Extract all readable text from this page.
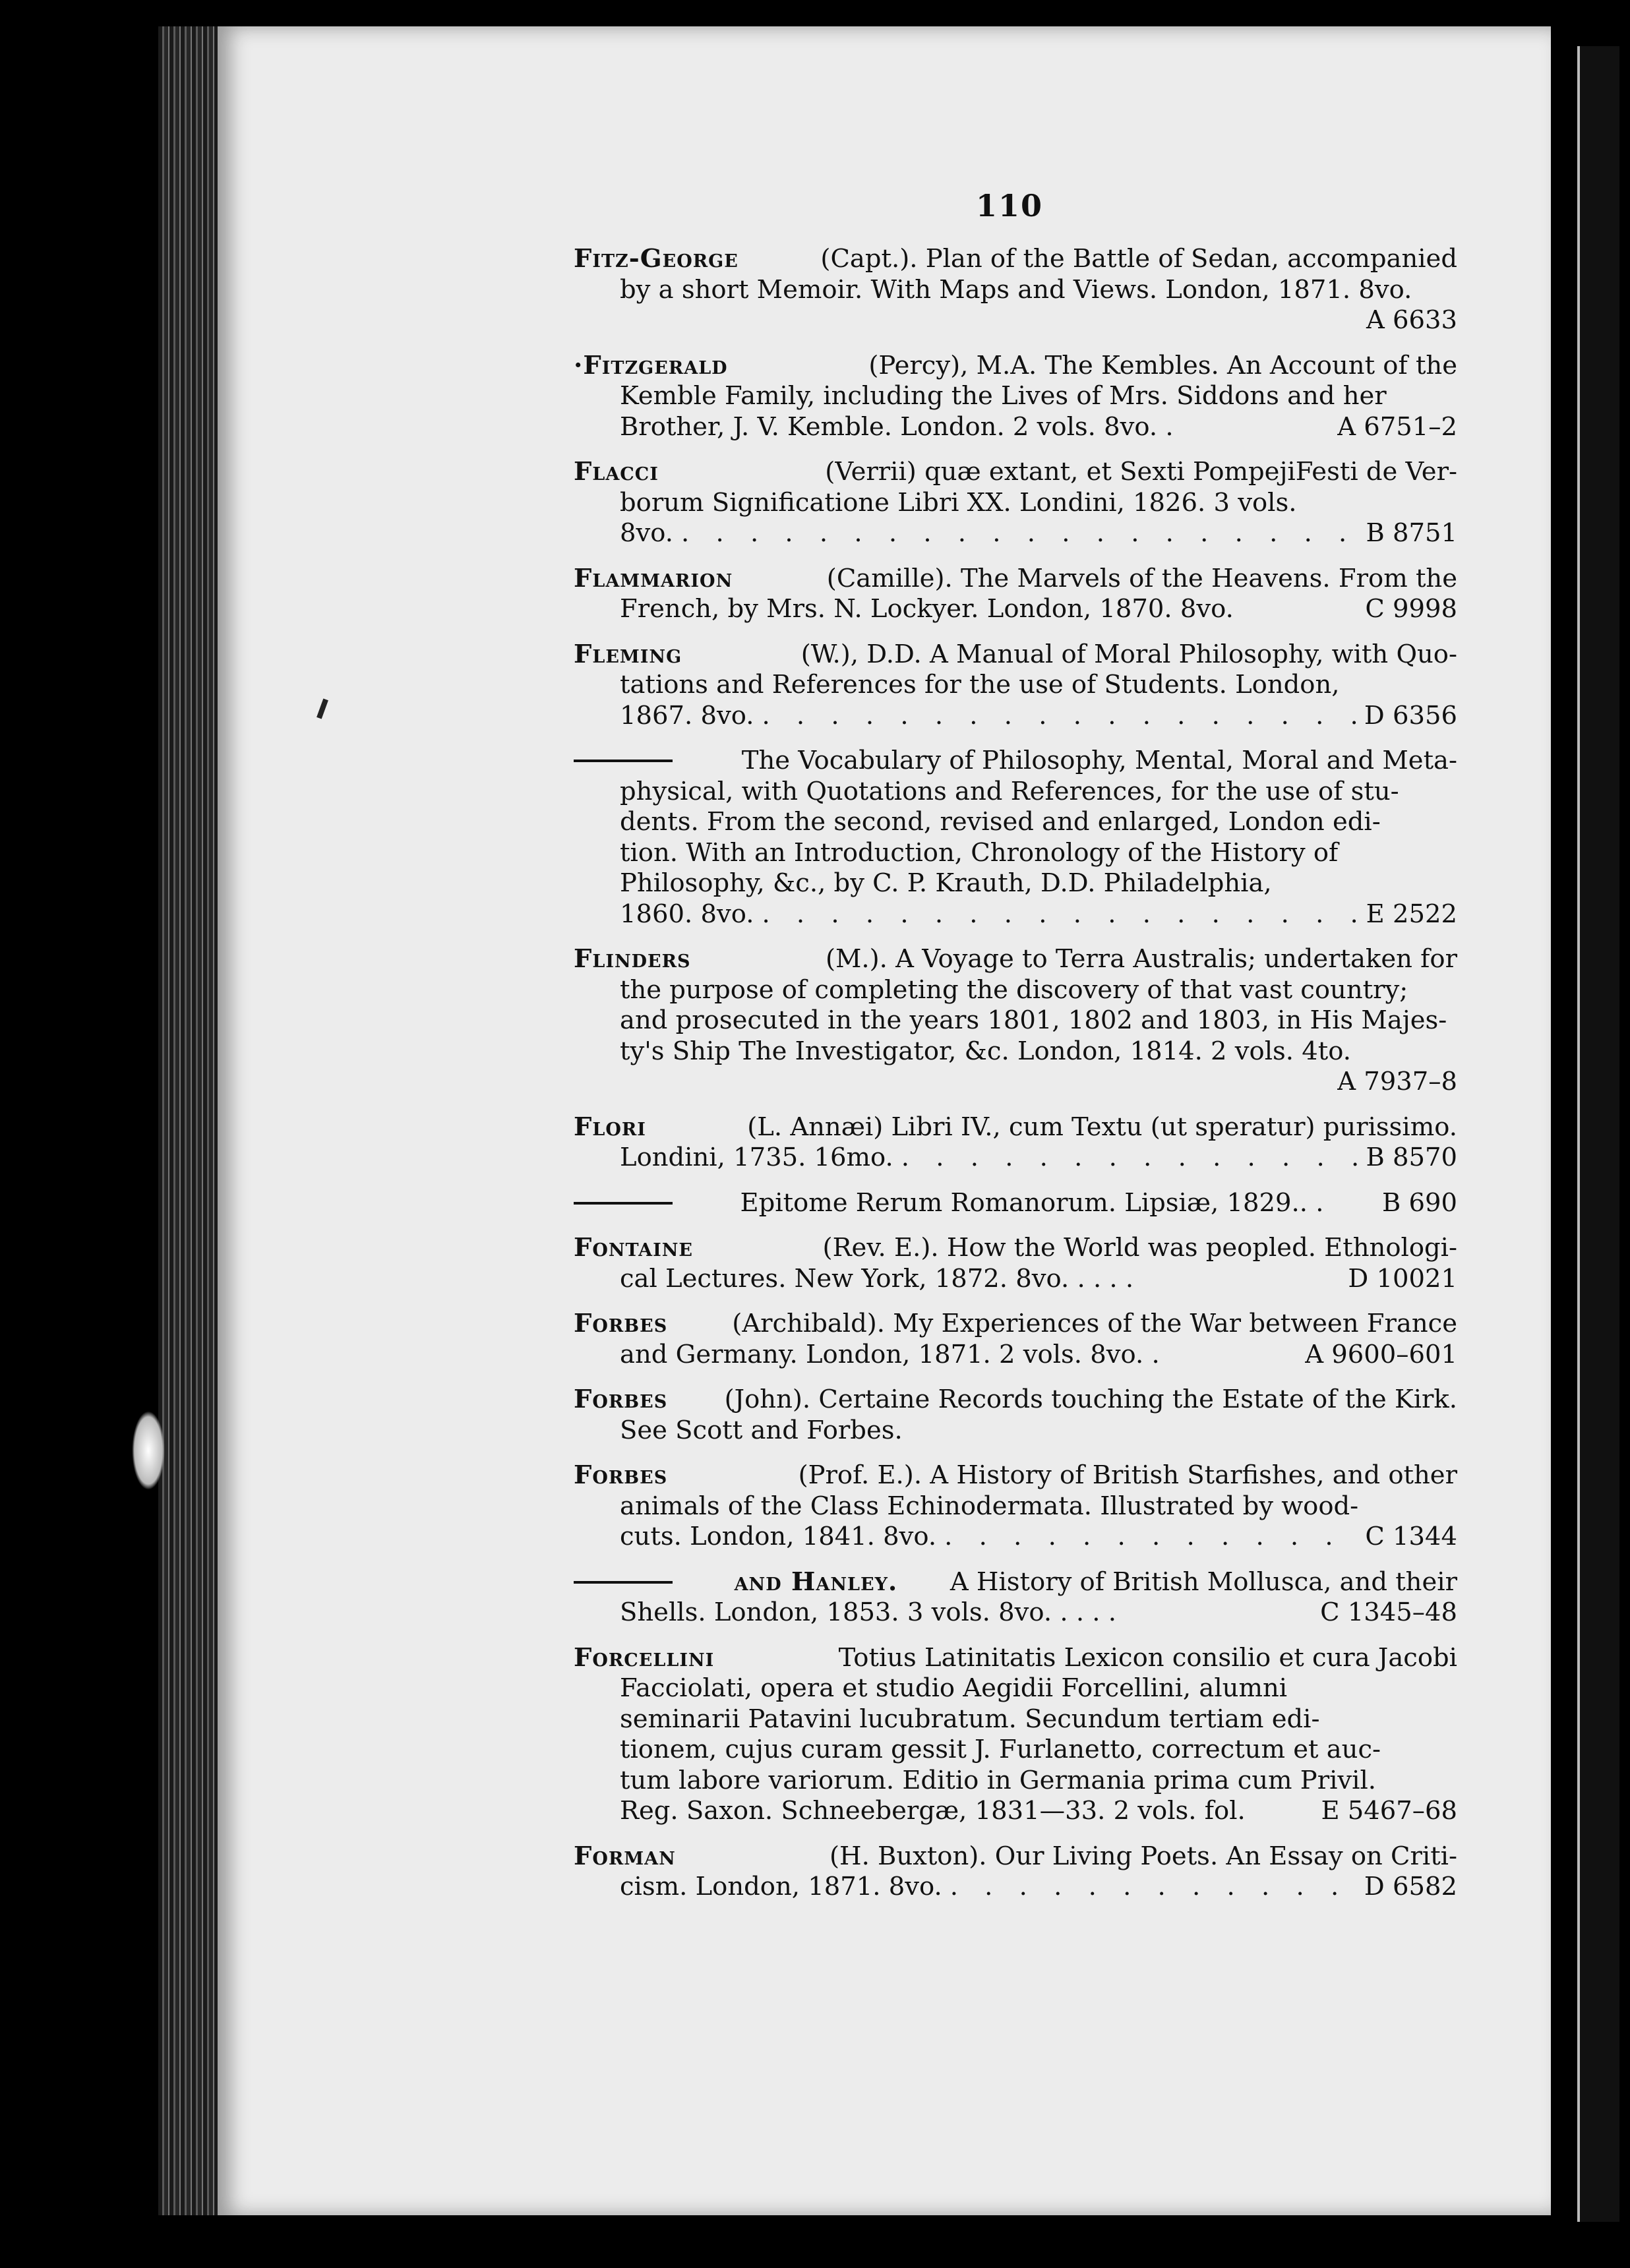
110
Fitz-George	(Capt.). Plan of the Battle of Sedan, accompanied
by a short Memoir. With Maps and Views. London, 1871. 8vo.
A 6633
·Fitzgerald	(Percy), M.A. The Kembles. An Account of the
Kemble Family, including the Lives of Mrs. Siddons and her
Brother, J. V. Kemble. London. 2 vols. 8vo. .	A 6751–2
Flacci	(Verrii) quæ extant, et Sexti PompejiFesti de Ver-
borum Significatione Libri XX. Londini, 1826. 3 vols.
8vo. . . .	B 8751
Flammarion	(Camille). The Marvels of the Heavens. From the
French, by Mrs. N. Lockyer. London, 1870. 8vo.	C 9998
Fleming	(W.), D.D. A Manual of Moral Philosophy, with Quo-
tations and References for the use of Students. London,
1867. 8vo. . . .	D 6356
The Vocabulary of Philosophy, Mental, Moral and Meta-
physical, with Quotations and References, for the use of stu-
dents. From the second, revised and enlarged, London edi-
tion. With an Introduction, Chronology of the History of
Philosophy, &c., by C. P. Krauth, D.D. Philadelphia,
1860. 8vo. . . .	E 2522
Flinders	(M.). A Voyage to Terra Australis; undertaken for
the purpose of completing the discovery of that vast country;
and prosecuted in the years 1801, 1802 and 1803, in His Majes-
ty's Ship The Investigator, &c. London, 1814. 2 vols. 4to.
A 7937–8
Flori	(L. Annæi) Libri IV., cum Textu (ut speratur) purissimo.
Londini, 1735. 16mo. . . .	B 8570
Epitome Rerum Romanorum. Lipsiæ, 1829.. . B 690
Fontaine	(Rev. E.). How the World was peopled. Ethnologi-
cal Lectures. New York, 1872. 8vo. . . . .	D 10021
Forbes	(Archibald). My Experiences of the War between France
and Germany. London, 1871. 2 vols. 8vo. .	A 9600–601
Forbes (John). Certaine Records touching the Estate of the Kirk.
See Scott and Forbes.
Forbes	(Prof. E.). A History of British Starfishes, and other
animals of the Class Echinodermata. Illustrated by wood-
cuts. London, 1841. 8vo. . . .	C 1344
and Hanley. A History of British Mollusca, and their
Shells. London, 1853. 3 vols. 8vo. . . . .	C 1345–48
Forcellini	Totius Latinitatis Lexicon consilio et cura Jacobi
Facciolati, opera et studio Aegidii Forcellini, alumni
seminarii Patavini lucubratum. Secundum tertiam edi-
tionem, cujus curam gessit J. Furlanetto, correctum et auc-
tum labore variorum. Editio in Germania prima cum Privil.
Reg. Saxon. Schneebergæ, 1831—33. 2 vols. fol.	E 5467–68
Forman	(H. Buxton). Our Living Poets. An Essay on Criti-
cism. London, 1871. 8vo. . . .	D 6582
